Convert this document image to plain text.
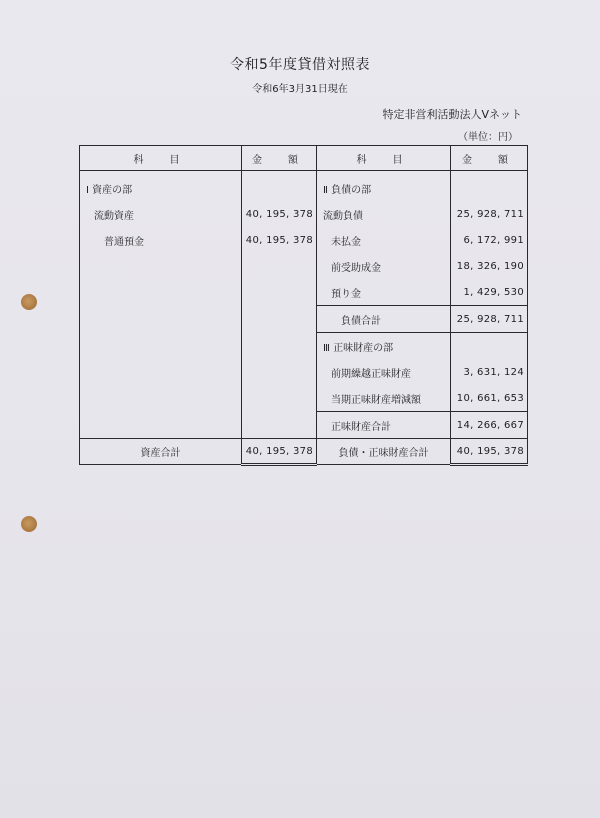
令和5年度貸借対照表
令和6年3月31日現在
特定非営利活動法人Vネット
（単位：円）
科　目	金　額	科　目	金　額
Ⅰ 資産の部		Ⅱ 負債の部	
流動資産	40, 195, 378	流動負債	25, 928, 711
普通預金	40, 195, 378	未払金	6, 172, 991
		前受助成金	18, 326, 190
		預り金	1, 429, 530
		負債合計	25, 928, 711
		Ⅲ 正味財産の部	
		前期繰越正味財産	3, 631, 124
		当期正味財産増減額	10, 661, 653
		正味財産合計	14, 266, 667
資産合計	40, 195, 378	負債・正味財産合計	40, 195, 378
